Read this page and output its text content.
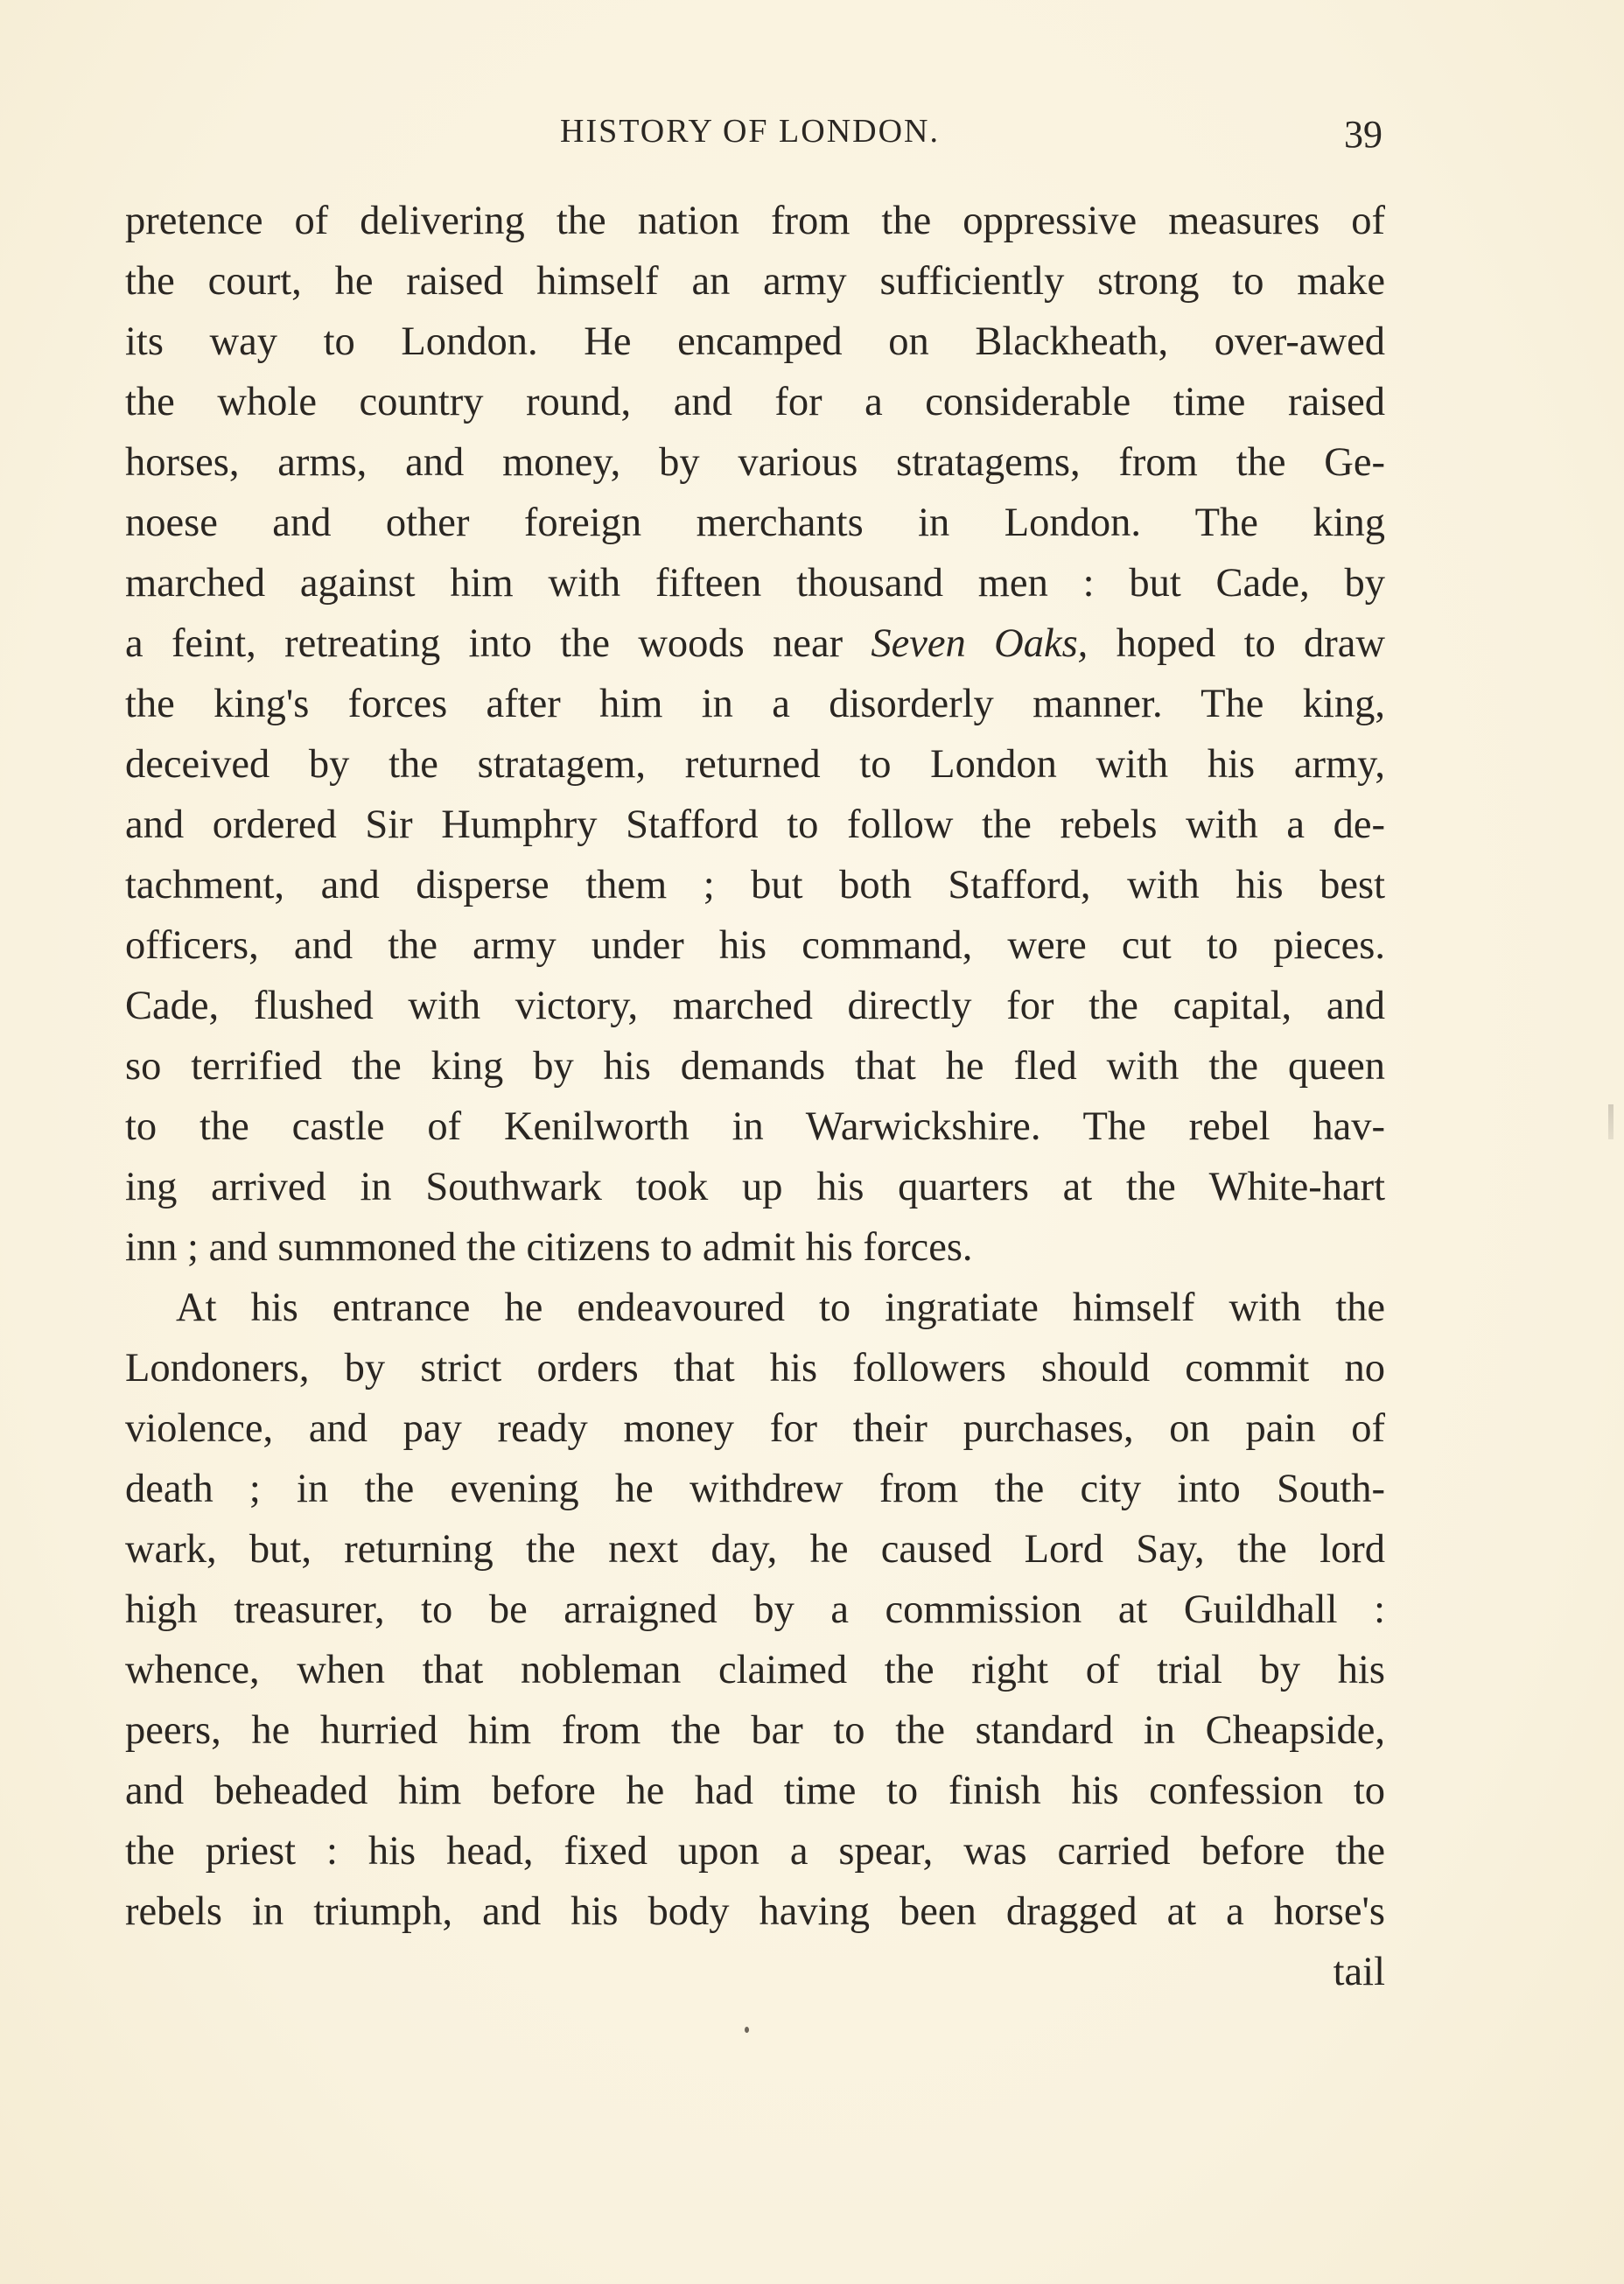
HISTORY OF LONDON.	39
pretence of delivering the nation from the oppressive measures of
the court, he raised himself an army sufficiently strong to make
its way to London. He encamped on Blackheath, over-awed
the whole country round, and for a considerable time raised
horses, arms, and money, by various stratagems, from the Ge-
noese and other foreign merchants in London. The king
marched against him with fifteen thousand men : but Cade, by
a feint, retreating into the woods near Seven Oaks, hoped to draw
the king's forces after him in a disorderly manner. The king,
deceived by the stratagem, returned to London with his army,
and ordered Sir Humphry Stafford to follow the rebels with a de-
tachment, and disperse them ; but both Stafford, with his best
officers, and the army under his command, were cut to pieces.
Cade, flushed with victory, marched directly for the capital, and
so terrified the king by his demands that he fled with the queen
to the castle of Kenilworth in Warwickshire. The rebel hav-
ing arrived in Southwark took up his quarters at the White-hart
inn ; and summoned the citizens to admit his forces.
At his entrance he endeavoured to ingratiate himself with the
Londoners, by strict orders that his followers should commit no
violence, and pay ready money for their purchases, on pain of
death ; in the evening he withdrew from the city into South-
wark, but, returning the next day, he caused Lord Say, the lord
high treasurer, to be arraigned by a commission at Guildhall :
whence, when that nobleman claimed the right of trial by his
peers, he hurried him from the bar to the standard in Cheapside,
and beheaded him before he had time to finish his confession to
the priest : his head, fixed upon a spear, was carried before the
rebels in triumph, and his body having been dragged at a horse's
tail
